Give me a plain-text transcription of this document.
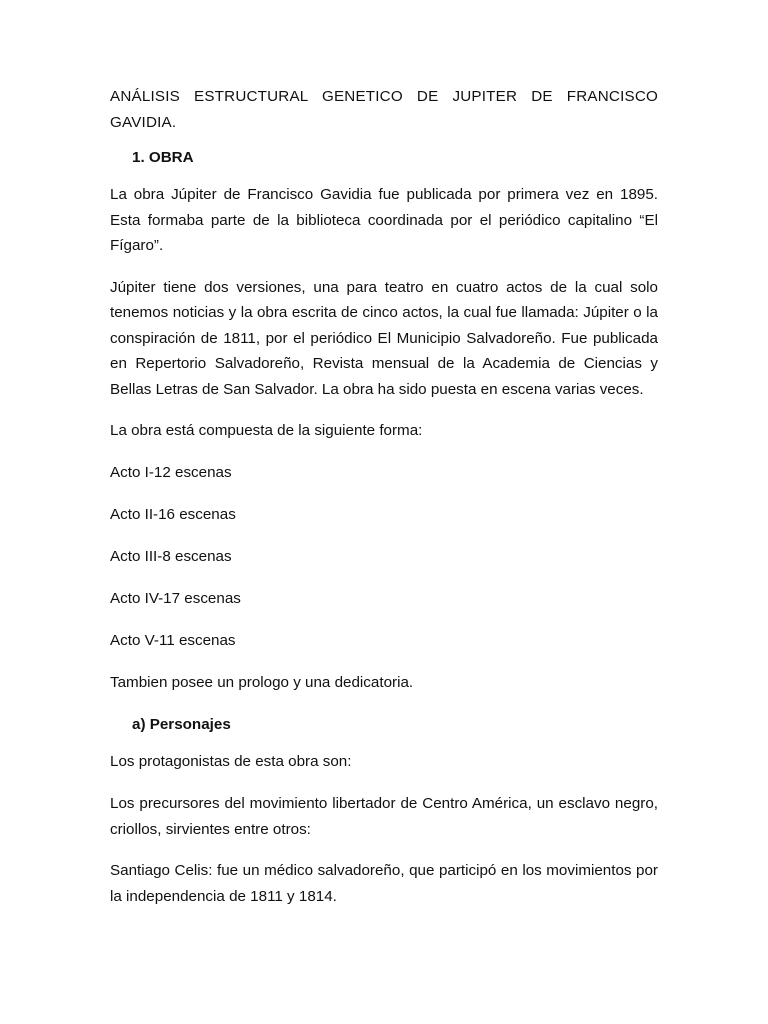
ANÁLISIS ESTRUCTURAL GENETICO DE JUPITER DE FRANCISCO GAVIDIA.

1. OBRA

La obra Júpiter de Francisco Gavidia fue publicada por primera vez en 1895. Esta formaba parte de la biblioteca coordinada por el periódico capitalino “El Fígaro”.

Júpiter tiene dos versiones, una para teatro en cuatro actos de la cual solo tenemos noticias y la obra escrita de cinco actos, la cual fue llamada: Júpiter o la conspiración de 1811, por el periódico El Municipio Salvadoreño. Fue publicada en Repertorio Salvadoreño, Revista mensual de la Academia de Ciencias y Bellas Letras de San Salvador. La obra ha sido puesta en escena varias veces.

La obra está compuesta de la siguiente forma:

Acto I-12 escenas

Acto II-16 escenas

Acto III-8 escenas

Acto IV-17 escenas

Acto V-11 escenas

Tambien posee un prologo y una dedicatoria.

a) Personajes

Los protagonistas de esta obra son:

Los precursores del movimiento libertador de Centro América, un esclavo negro, criollos, sirvientes entre otros:

Santiago Celis: fue un médico salvadoreño, que participó en los movimientos por la independencia de 1811 y 1814.
